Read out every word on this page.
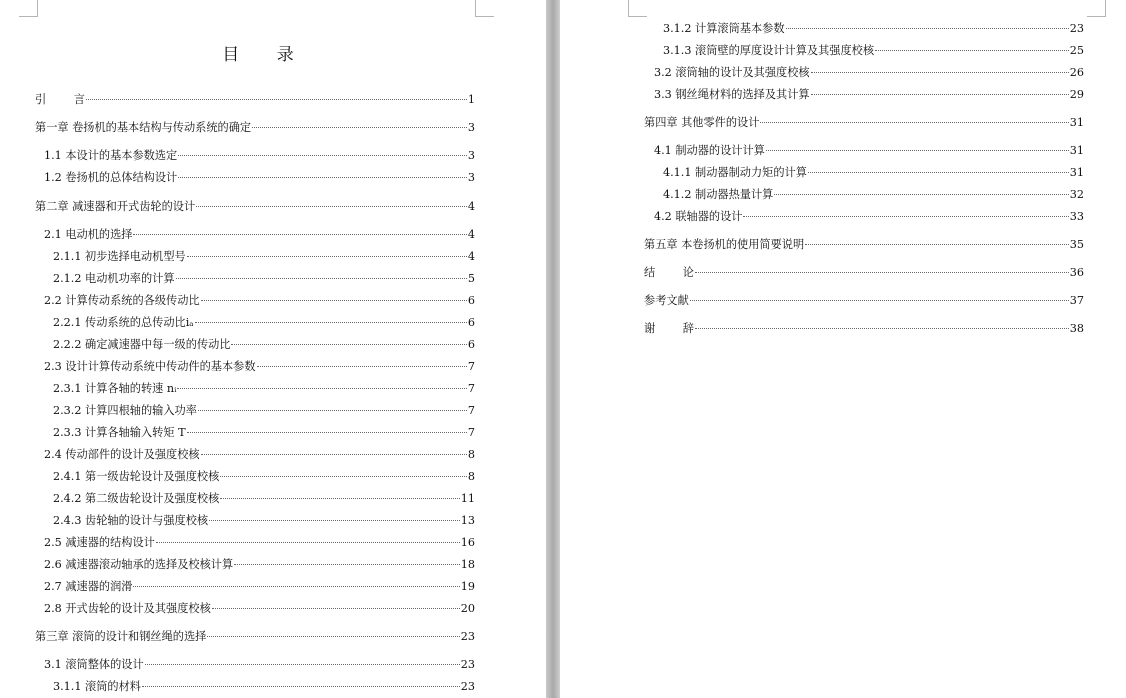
目 录
引 言	1
第一章 卷扬机的基本结构与传动系统的确定	3
1.1 本设计的基本参数选定	3
1.2 卷扬机的总体结构设计	3
第二章 减速器和开式齿轮的设计	4
2.1 电动机的选择	4
2.1.1 初步选择电动机型号	4
2.1.2 电动机功率的计算	5
2.2 计算传动系统的各级传动比	6
2.2.1 传动系统的总传动比iₐ	6
2.2.2 确定减速器中每一级的传动比	6
2.3 设计计算传动系统中传动件的基本参数	7
2.3.1 计算各轴的转速 nᵢ	7
2.3.2 计算四根轴的输入功率	7
2.3.3 计算各轴输入转矩 T	7
2.4 传动部件的设计及强度校核	8
2.4.1 第一级齿轮设计及强度校核	8
2.4.2 第二级齿轮设计及强度校核	11
2.4.3 齿轮轴的设计与强度校核	13
2.5 减速器的结构设计	16
2.6 减速器滚动轴承的选择及校核计算	18
2.7 减速器的润滑	19
2.8 开式齿轮的设计及其强度校核	20
第三章 滚筒的设计和钢丝绳的选择	23
3.1 滚筒整体的设计	23
3.1.1 滚筒的材料	23
3.1.2 计算滚筒基本参数	23
3.1.3 滚筒壁的厚度设计计算及其强度校核	25
3.2 滚筒轴的设计及其强度校核	26
3.3 钢丝绳材料的选择及其计算	29
第四章 其他零件的设计	31
4.1 制动器的设计计算	31
4.1.1 制动器制动力矩的计算	31
4.1.2 制动器热量计算	32
4.2 联轴器的设计	33
第五章 本卷扬机的使用简要说明	35
结 论	36
参考文献	37
谢 辞	38
